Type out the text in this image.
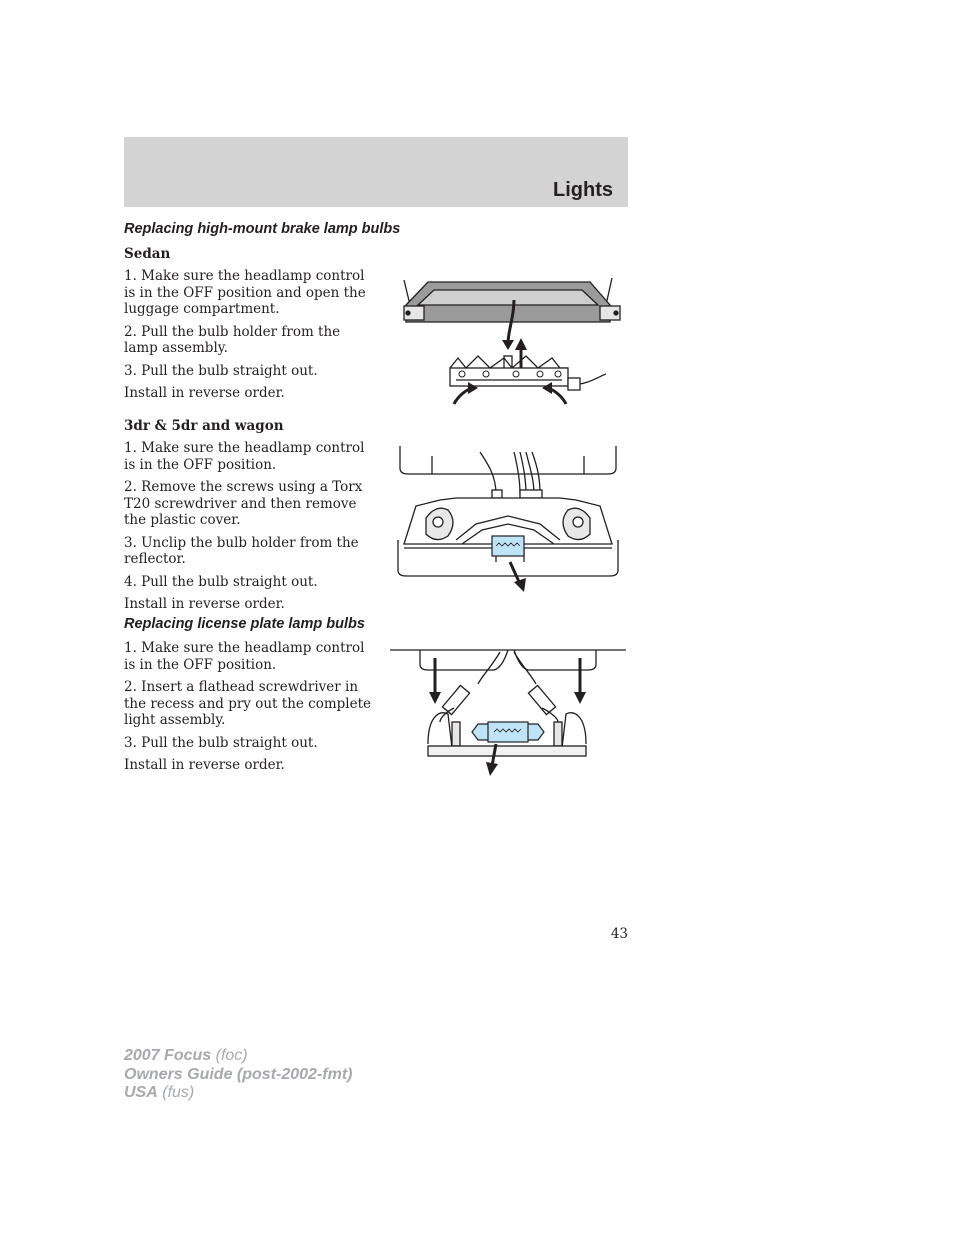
Lights
Replacing high-mount brake lamp bulbs
Sedan

1. Make sure the headlamp control is in the OFF position and open the luggage compartment.

2. Pull the bulb holder from the lamp assembly.

3. Pull the bulb straight out.

Install in reverse order.

3dr & 5dr and wagon

1. Make sure the headlamp control is in the OFF position.

2. Remove the screws using a Torx T20 screwdriver and then remove the plastic cover.

3. Unclip the bulb holder from the reflector.

4. Pull the bulb straight out.

Install in reverse order.

Replacing license plate lamp bulbs

1. Make sure the headlamp control is in the OFF position.

2. Insert a flathead screwdriver in the recess and pry out the complete light assembly.

3. Pull the bulb straight out.

Install in reverse order.

43
2007 Focus (foc)
Owners Guide (post-2002-fmt)
USA (fus)
